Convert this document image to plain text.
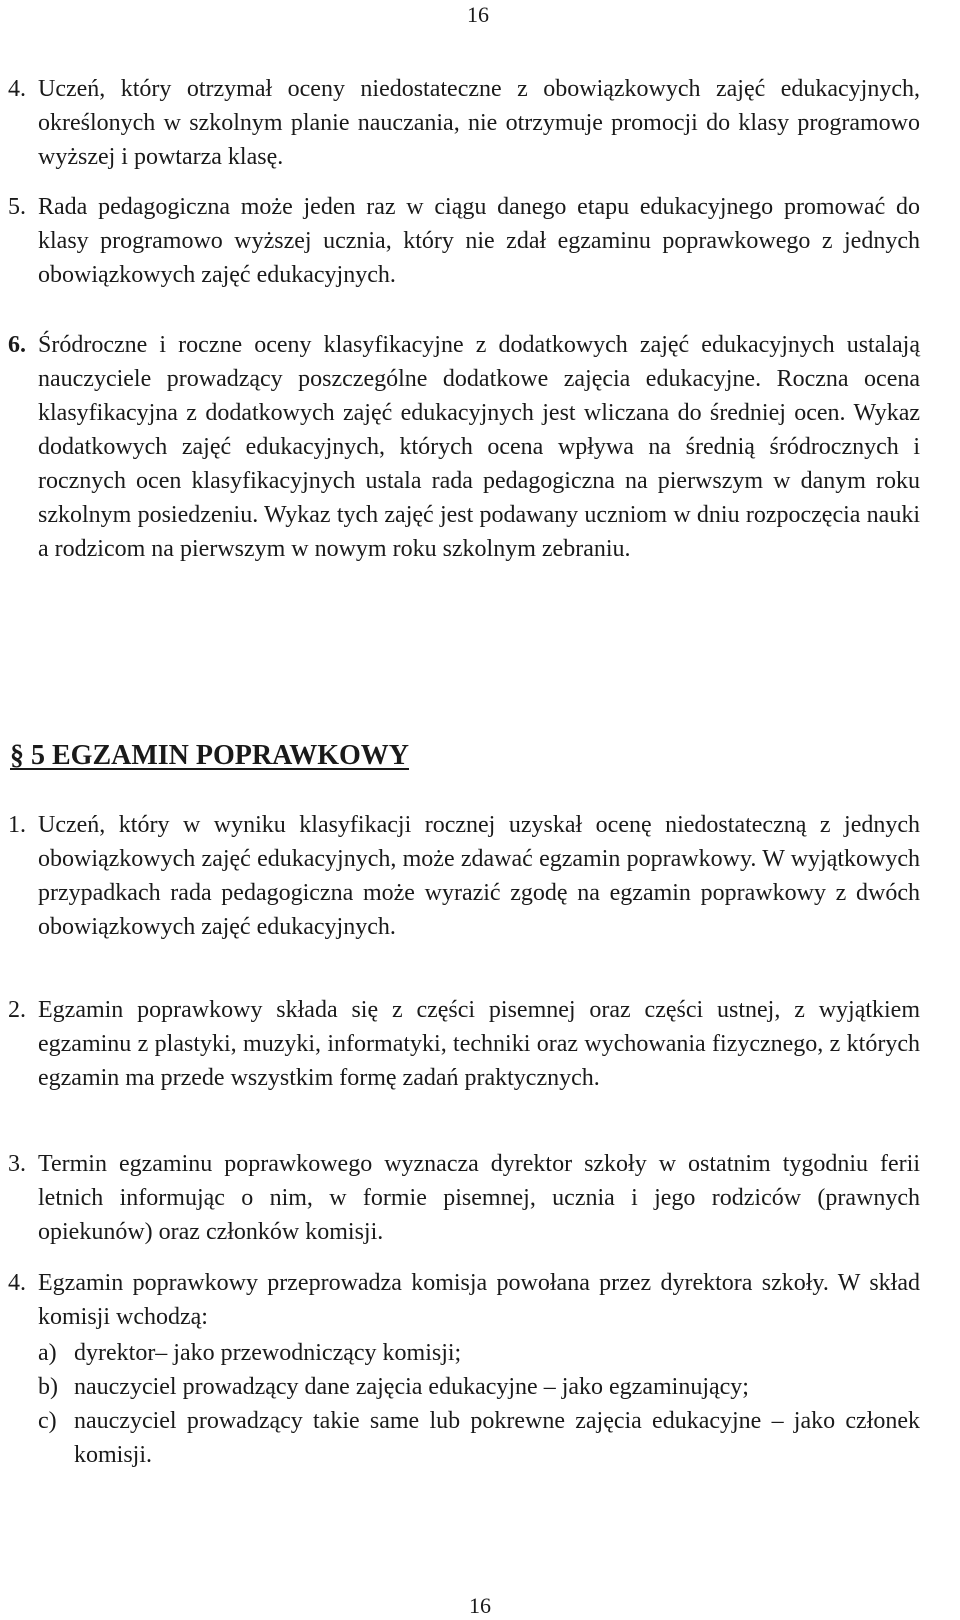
16
4. Uczeń, który otrzymał oceny niedostateczne z obowiązkowych zajęć edukacyjnych, określonych w szkolnym planie nauczania, nie otrzymuje promocji do klasy programowo wyższej i powtarza klasę.
5. Rada pedagogiczna może jeden raz w ciągu danego etapu edukacyjnego promować do klasy programowo wyższej ucznia, który nie zdał egzaminu poprawkowego z jednych obowiązkowych zajęć edukacyjnych.
6. Śródroczne i roczne oceny klasyfikacyjne z dodatkowych zajęć edukacyjnych ustalają nauczyciele prowadzący poszczególne dodatkowe zajęcia edukacyjne. Roczna ocena klasyfikacyjna z dodatkowych zajęć edukacyjnych jest wliczana do średniej ocen. Wykaz dodatkowych zajęć edukacyjnych, których ocena wpływa na średnią śródrocznych i rocznych ocen klasyfikacyjnych ustala rada pedagogiczna na pierwszym w danym roku szkolnym posiedzeniu. Wykaz tych zajęć jest podawany uczniom w dniu rozpoczęcia nauki a rodzicom na pierwszym w nowym roku szkolnym zebraniu.
§ 5 EGZAMIN POPRAWKOWY
1. Uczeń, który w wyniku klasyfikacji rocznej uzyskał ocenę niedostateczną z jednych obowiązkowych zajęć edukacyjnych, może zdawać egzamin poprawkowy. W wyjątkowych przypadkach rada pedagogiczna może wyrazić zgodę na egzamin poprawkowy z dwóch obowiązkowych zajęć edukacyjnych.
2. Egzamin poprawkowy składa się z części pisemnej oraz części ustnej, z wyjątkiem egzaminu z plastyki, muzyki, informatyki, techniki oraz wychowania fizycznego, z których egzamin ma przede wszystkim formę zadań praktycznych.
3. Termin egzaminu poprawkowego wyznacza dyrektor szkoły w ostatnim tygodniu ferii letnich informując o nim, w formie pisemnej, ucznia i jego rodziców (prawnych opiekunów) oraz członków komisji.
4. Egzamin poprawkowy przeprowadza komisja powołana przez dyrektora szkoły. W skład komisji wchodzą:
a) dyrektor– jako przewodniczący komisji;
b) nauczyciel prowadzący dane zajęcia edukacyjne – jako egzaminujący;
c) nauczyciel prowadzący takie same lub pokrewne zajęcia edukacyjne – jako członek komisji.
16
